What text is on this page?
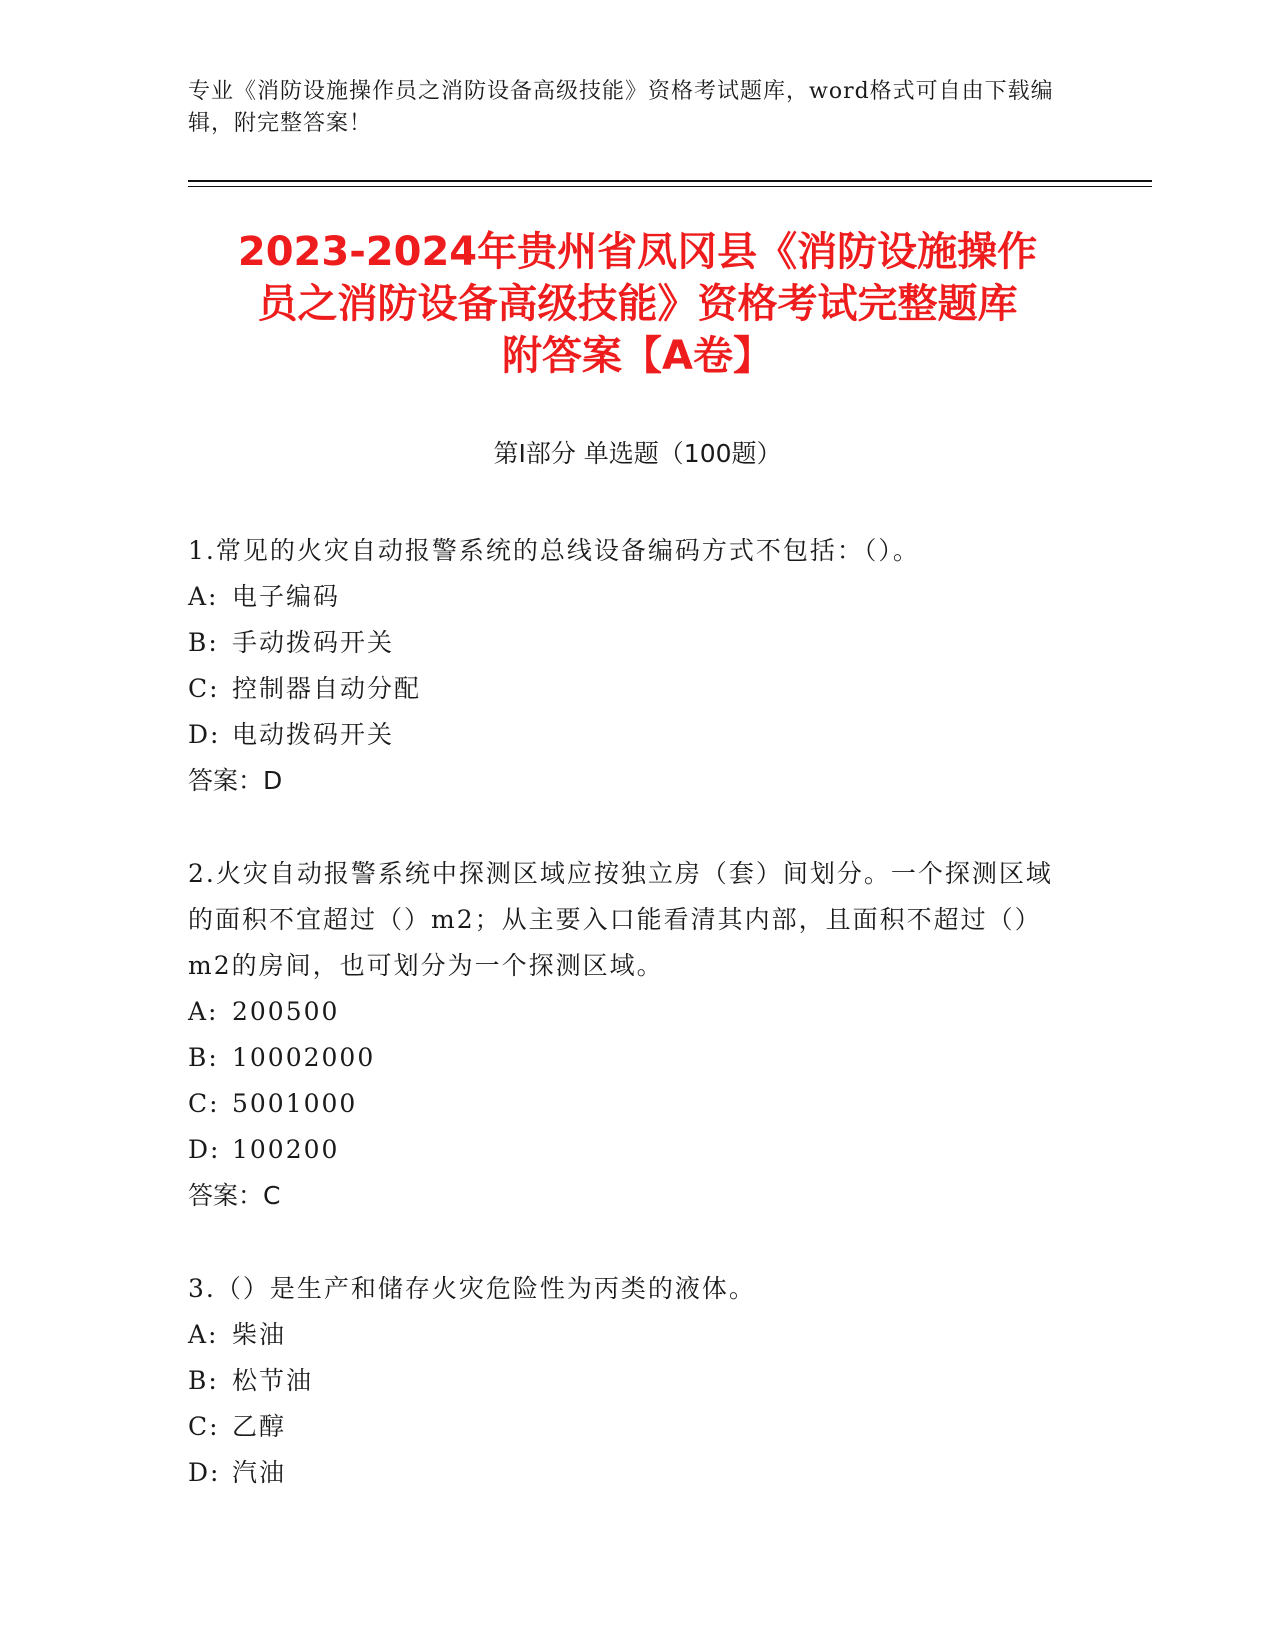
专业《消防设施操作员之消防设备高级技能》资格考试题库，word格式可自由下载编辑，附完整答案！
2023-2024年贵州省凤冈县《消防设施操作
员之消防设备高级技能》资格考试完整题库
附答案【A卷】
第I部分 单选题（100题）

1.常见的火灾自动报警系统的总线设备编码方式不包括：（）。

A: 电子编码

B: 手动拨码开关

C: 控制器自动分配

D: 电动拨码开关

答案：D

2.火灾自动报警系统中探测区域应按独立房（套）间划分。一个探测区域的面积不宜超过（）m2；从主要入口能看清其内部，且面积不超过（）m2的房间，也可划分为一个探测区域。

A: 200500

B: 10002000

C: 5001000

D: 100200

答案：C

3.（）是生产和储存火灾危险性为丙类的液体。

A: 柴油

B: 松节油

C: 乙醇

D: 汽油
